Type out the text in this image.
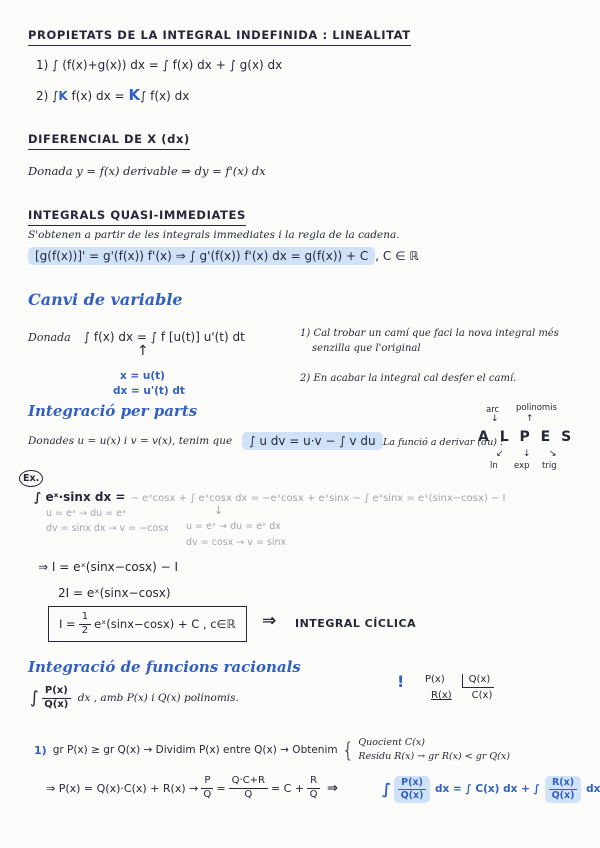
PROPIETATS DE LA INTEGRAL INDEFINIDA : LINEALITAT
1) ∫ (f(x)+g(x)) dx = ∫ f(x) dx + ∫ g(x) dx
2) ∫K f(x) dx = K∫ f(x) dx
DIFERENCIAL DE X (dx)
Donada y = f(x) derivable ⇒ dy = f'(x) dx
INTEGRALS QUASI-IMMEDIATES
S'obtenen a partir de les integrals immediates i la regla de la cadena.
[g(f(x))]' = g'(f(x)) f'(x) ⇒ ∫ g'(f(x)) f'(x) dx = g(f(x)) + C , C ∈ ℝ
Canvi de variable
Donada ∫ f(x) dx = ∫ f [u(t)] u'(t) dt
↑
x = u(t)
dx = u'(t) dt
1) Cal trobar un camí que faci la nova integral més
senzilla que l'original
2) En acabar la integral cal desfer el camí.
Integració per parts
Donades u = u(x) i v = v(x), tenim que	∫ u dv = u·v − ∫ v du La funció a derivar (du) :
A L P E S
arc polinomis
↓	↑
↙ ↓ ↘
ln exp trig
Ex.
∫ eˣ·sinx dx = − eˣcosx + ∫ eˣcosx dx = −eˣcosx + eˣsinx − ∫ eˣsinx = eˣ(sinx−cosx) − I
u = eˣ → du = eˣ
dv = sinx dx → v = −cosx
↓
u = eˣ → du = eˣ dx
dv = cosx → v = sinx
⇒ I = eˣ(sinx−cosx) − I
2I = eˣ(sinx−cosx)
$I = \frac{1}{2}$ eˣ(sinx−cosx) + C , c∈ℝ ⇒ INTEGRAL CÍCLICA
Integració de funcions racionals
∫ $\frac{P(x)}{Q(x)}$ dx , amb P(x) i Q(x) polinomis.
! P(x)	Q(x)
R(x)	C(x)
1) gr P(x) ≥ gr Q(x) → Dividim P(x) entre Q(x) → Obtenim { Quocient C(x)
Residu R(x) → gr R(x) < gr Q(x)
⇒ $P(x) = Q(x)\cdot C(x) + R(x) \to \frac{P}{Q} = \frac{Q\cdot C+R}{Q} = C + \frac{R}{Q}$ ⇒	∫ $\frac{P(x)}{Q(x)}$ dx = ∫ C(x) dx + ∫ $\frac{R(x)}{Q(x)}$ dx
